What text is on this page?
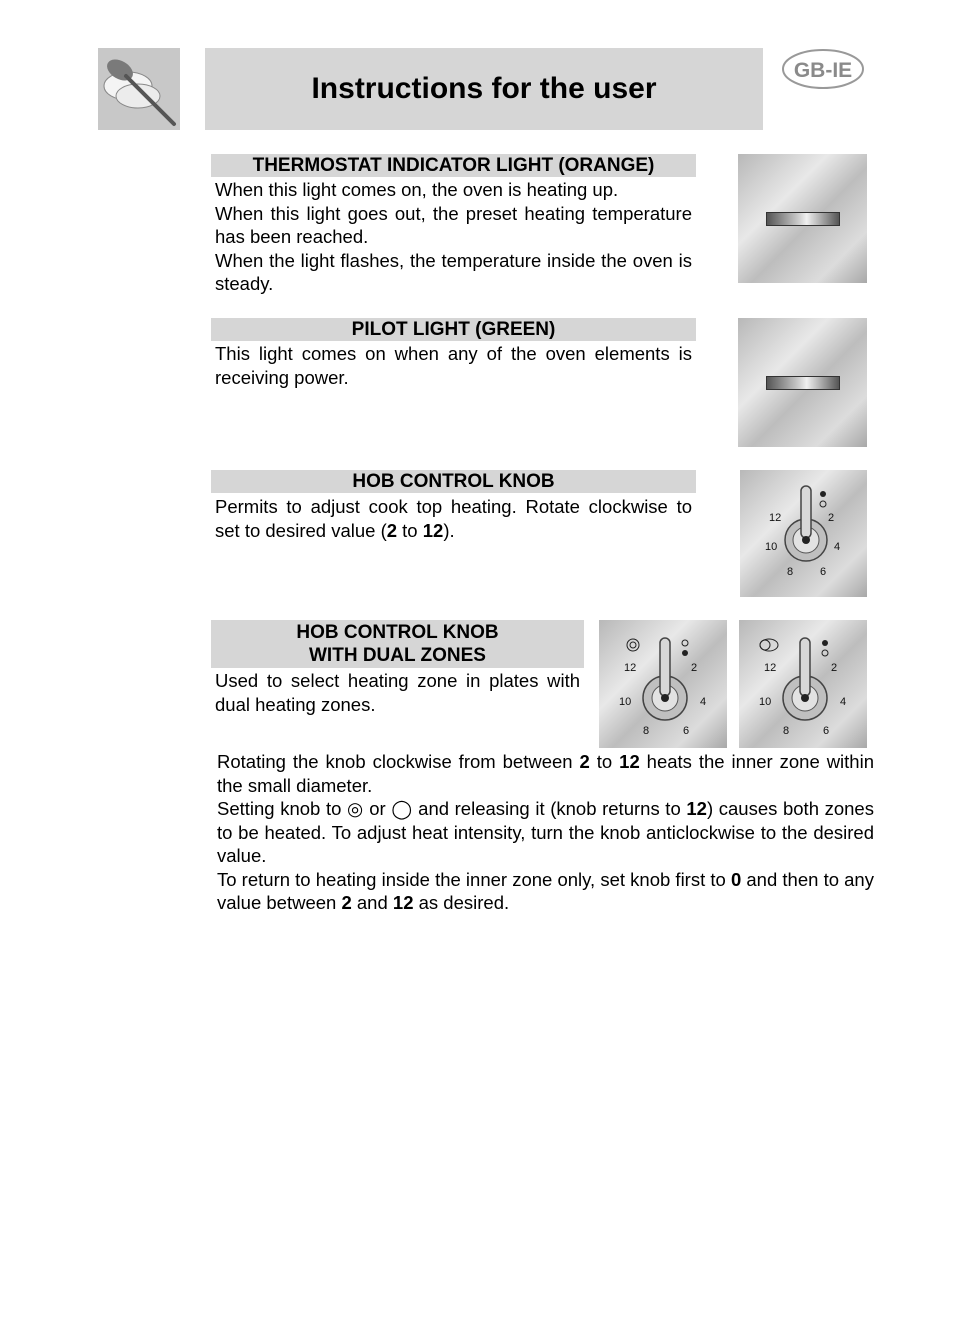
Instructions for the user
GB-IE
THERMOSTAT INDICATOR LIGHT (ORANGE)

When this light comes on, the oven is heating up.

When this light goes out, the preset heating temperature has been reached.

When the light flashes, the temperature inside the oven is steady.

PILOT LIGHT (GREEN)

This light comes on when any of the oven elements is receiving power.

HOB CONTROL KNOB

Permits to adjust cook top heating. Rotate clockwise to set to desired value (2 to 12).

12	2
10	4
8 6
HOB CONTROL KNOB
WITH DUAL ZONES

Used to select heating zone in plates with dual heating zones.

12	2
10	4
8	6
12	2
10	4
8	6

Rotating the knob clockwise from between 2 to 12 heats the inner zone within the small diameter.

Setting knob to ◎ or ◯ and releasing it (knob returns to 12) causes both zones to be heated. To adjust heat intensity, turn the knob anticlockwise to the desired value.

To return to heating inside the inner zone only, set knob first to 0 and then to any value between 2 and 12 as desired.
